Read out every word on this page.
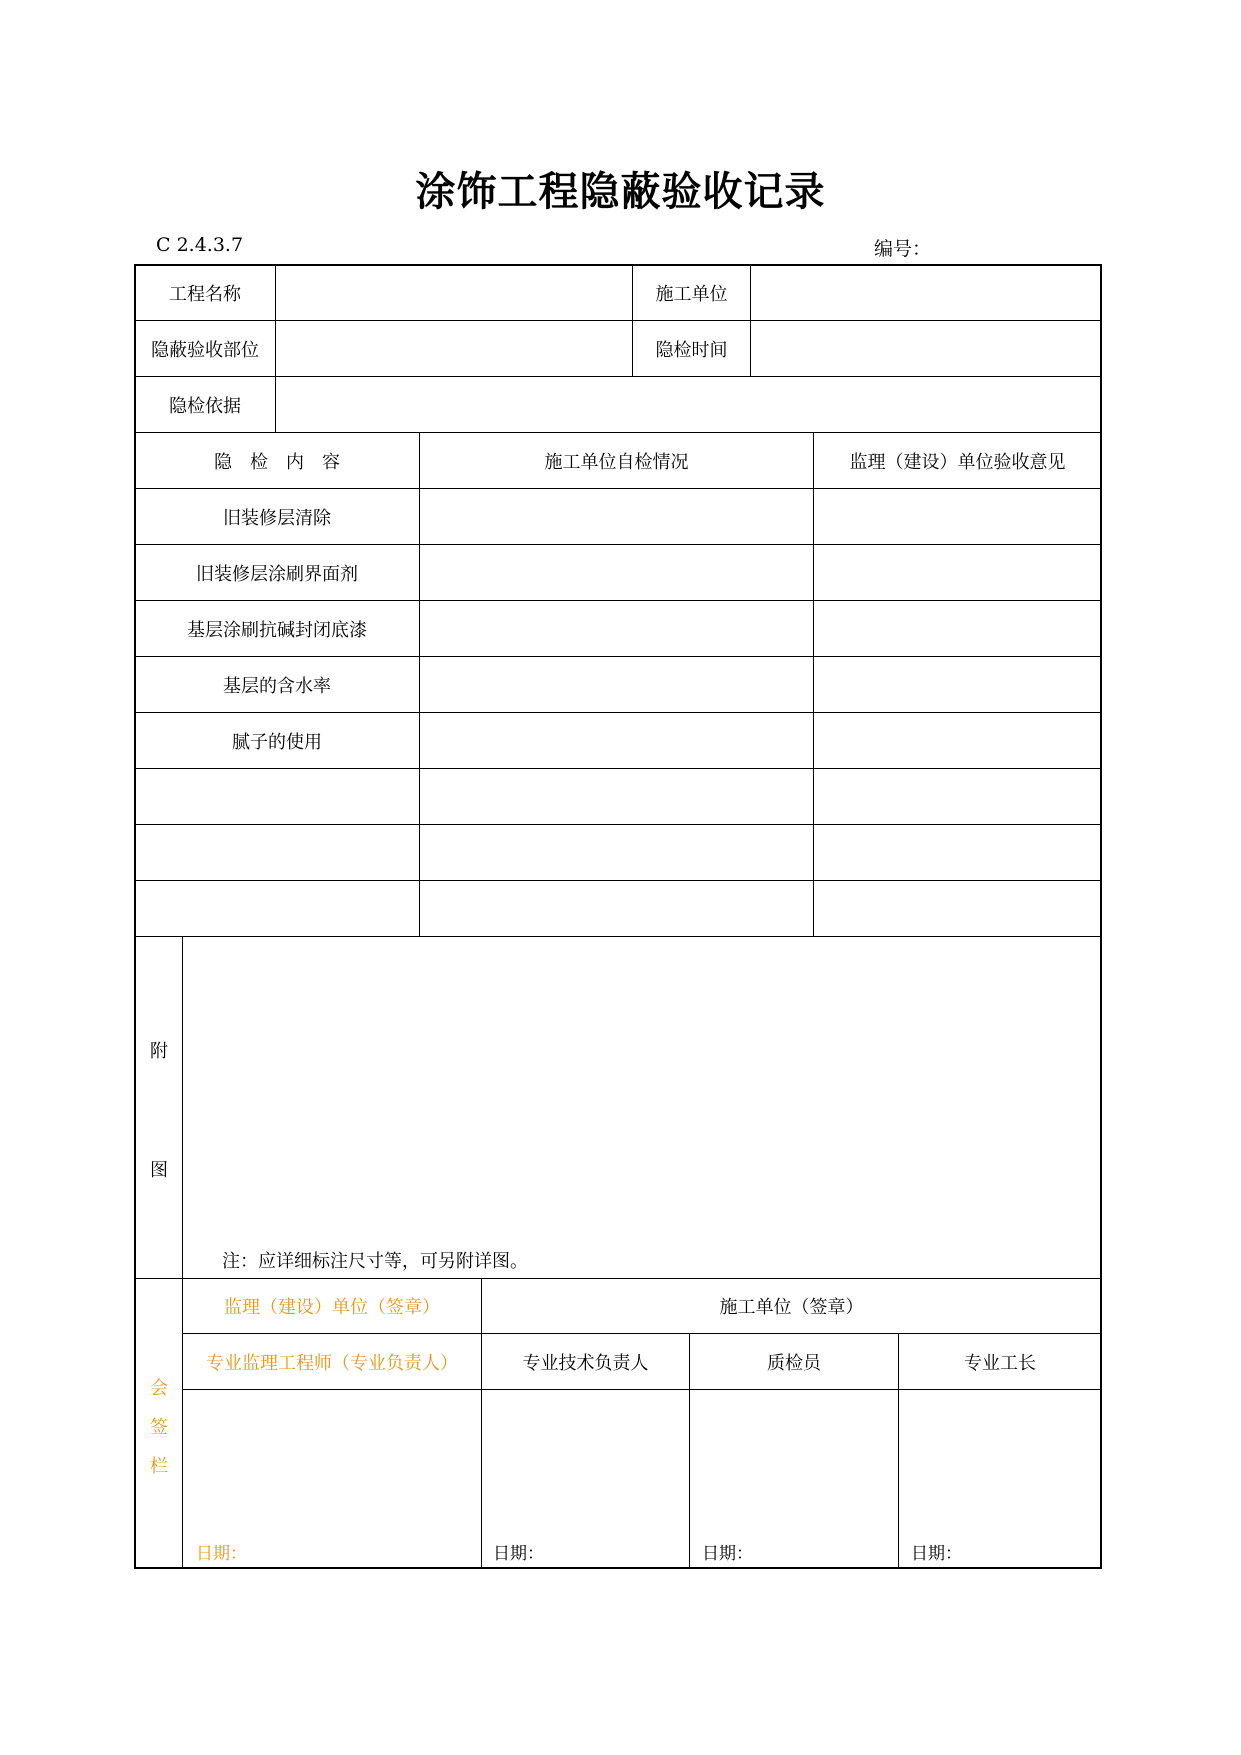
涂饰工程隐蔽验收记录
C 2.4.3.7	编号：
工程名称	施工单位
隐蔽验收部位	隐检时间
隐检依据
隐　检　内　容	施工单位自检情况	监理（建设）单位验收意见
旧装修层清除
旧装修层涂刷界面剂
基层涂刷抗碱封闭底漆
基层的含水率
腻子的使用
附
图
注：应详细标注尺寸等，可另附详图。
会
签
栏
监理（建设）单位（签章）	施工单位（签章）
专业监理工程师（专业负责人）	专业技术负责人	质检员	专业工长
日期：	日期：	日期：	日期：
